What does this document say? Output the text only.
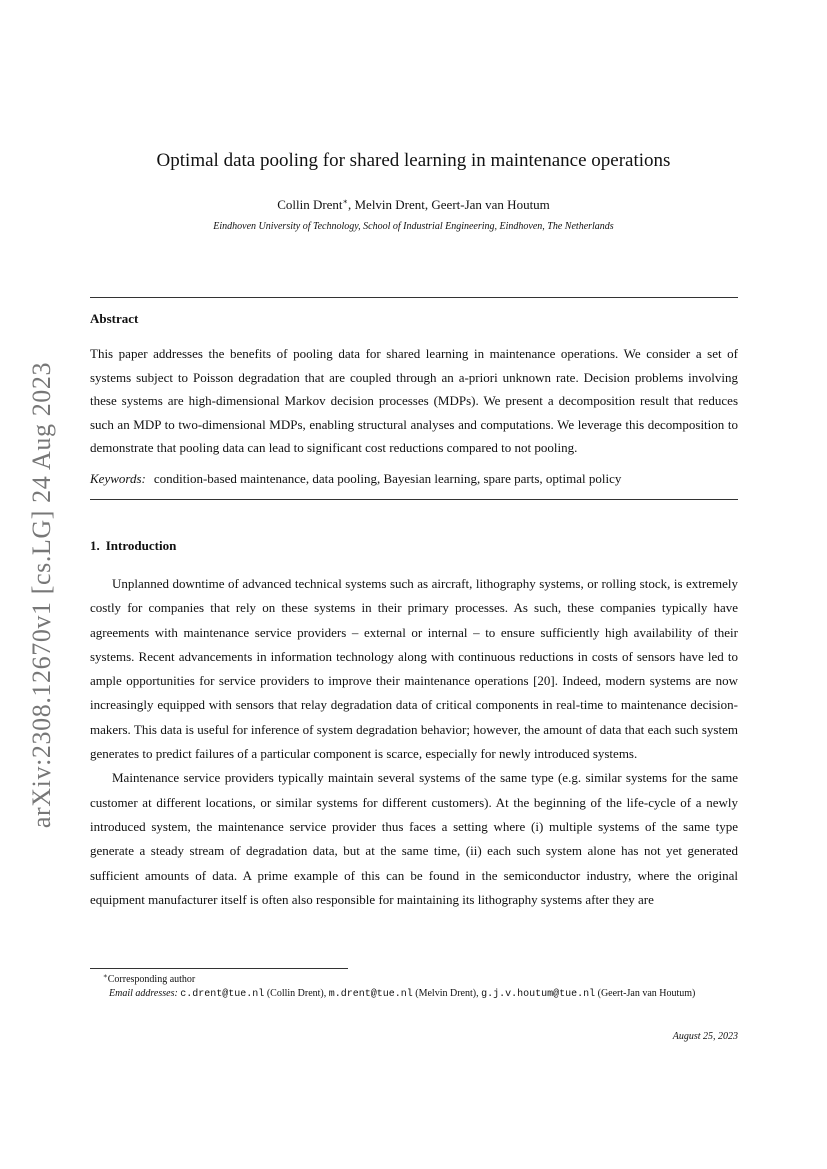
arXiv:2308.12670v1 [cs.LG] 24 Aug 2023
Optimal data pooling for shared learning in maintenance operations
Collin Drent∗, Melvin Drent, Geert-Jan van Houtum
Eindhoven University of Technology, School of Industrial Engineering, Eindhoven, The Netherlands
Abstract

This paper addresses the benefits of pooling data for shared learning in maintenance operations. We consider a set of systems subject to Poisson degradation that are coupled through an a-priori unknown rate. Decision problems involving these systems are high-dimensional Markov decision processes (MDPs). We present a decomposition result that reduces such an MDP to two-dimensional MDPs, enabling structural analyses and computations. We leverage this decomposition to demonstrate that pooling data can lead to significant cost reductions compared to not pooling.

Keywords: condition-based maintenance, data pooling, Bayesian learning, spare parts, optimal policy
1. Introduction

Unplanned downtime of advanced technical systems such as aircraft, lithography systems, or rolling stock, is extremely costly for companies that rely on these systems in their primary processes. As such, these companies typically have agreements with maintenance service providers – external or internal – to ensure sufficiently high availability of their systems. Recent advancements in information technology along with continuous reductions in costs of sensors have led to ample opportunities for service providers to improve their maintenance operations [20]. Indeed, modern systems are now increasingly equipped with sensors that relay degradation data of critical components in real-time to maintenance decision-makers. This data is useful for inference of system degradation behavior; however, the amount of data that each such system generates to predict failures of a particular component is scarce, especially for newly introduced systems.

Maintenance service providers typically maintain several systems of the same type (e.g. similar systems for the same customer at different locations, or similar systems for different customers). At the beginning of the life-cycle of a newly introduced system, the maintenance service provider thus faces a setting where (i) multiple systems of the same type generate a steady stream of degradation data, but at the same time, (ii) each such system alone has not yet generated sufficient amounts of data. A prime example of this can be found in the semiconductor industry, where the original equipment manufacturer itself is often also responsible for maintaining its lithography systems after they are

∗Corresponding author
Email addresses: c.drent@tue.nl (Collin Drent), m.drent@tue.nl (Melvin Drent), g.j.v.houtum@tue.nl (Geert-Jan van Houtum)
August 25, 2023
